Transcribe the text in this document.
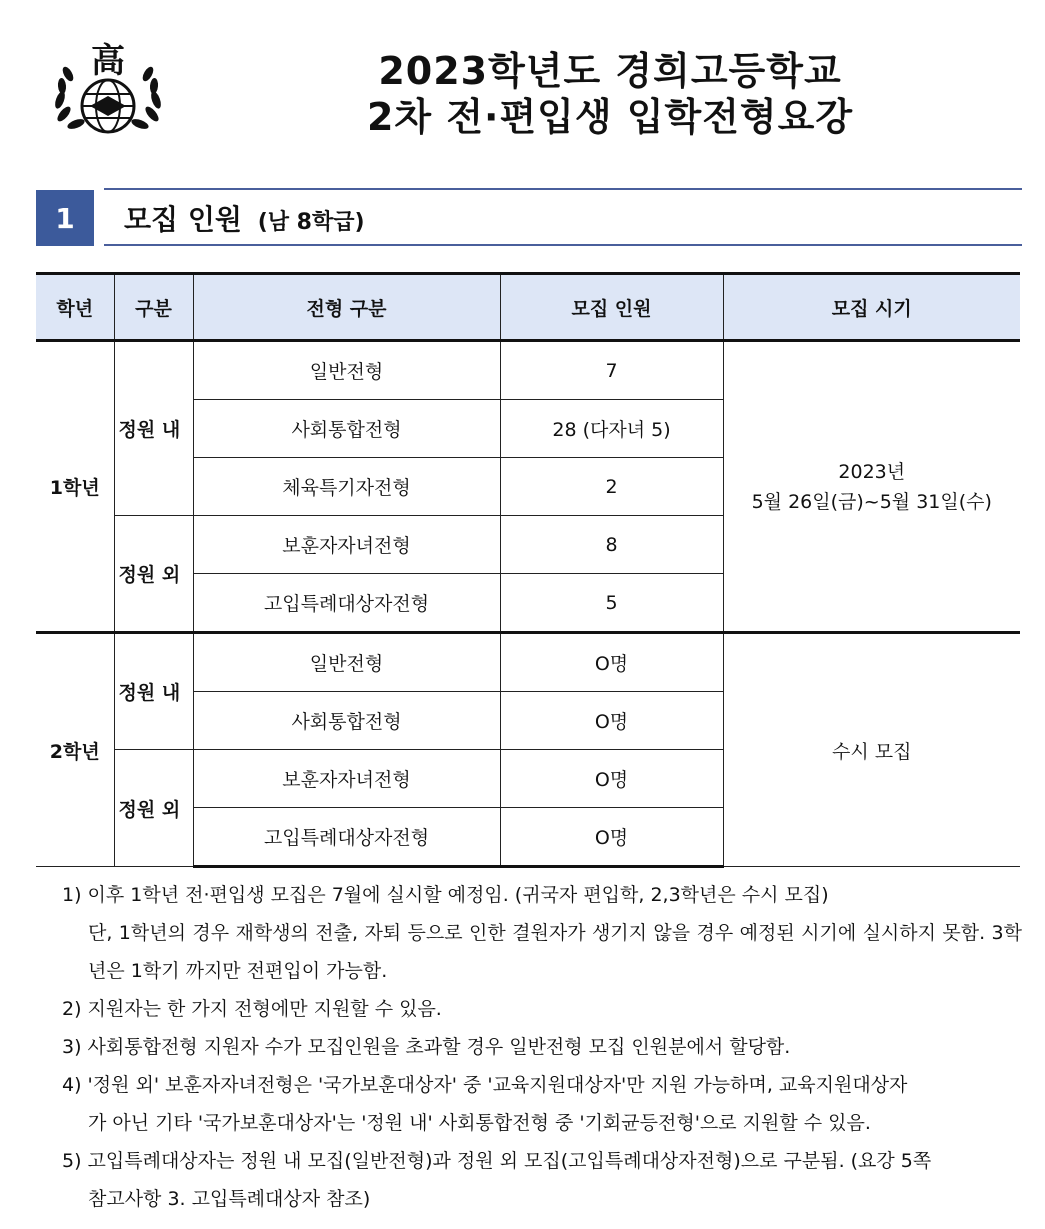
高	2023학년도 경희고등학교
2차 전·편입생 입학전형요강
1	모집 인원 (남 8학급)
학년	구분	전형 구분	모집 인원	모집 시기
1학년	정원 내	일반전형	7	2023년
5월 26일(금)~5월 31일(수)

		사회통합전형	28 (다자녀 5)	
		체육특기자전형	2	
	정원 외	보훈자자녀전형	8	
		고입특례대상자전형	5	
2학년	정원 내	일반전형	O명	수시 모집
		사회통합전형	O명	
	정원 외	보훈자자녀전형	O명	
		고입특례대상자전형	O명	
1) 이후 1학년 전·편입생 모집은 7월에 실시할 예정임. (귀국자 편입학, 2,3학년은 수시 모집)
단, 1학년의 경우 재학생의 전출, 자퇴 등으로 인한 결원자가 생기지 않을 경우 예정된 시기에 실시하지 못함. 3학년은 1학기 까지만 전편입이 가능함.
2) 지원자는 한 가지 전형에만 지원할 수 있음.
3) 사회통합전형 지원자 수가 모집인원을 초과할 경우 일반전형 모집 인원분에서 할당함.
4) '정원 외' 보훈자자녀전형은 '국가보훈대상자' 중 '교육지원대상자'만 지원 가능하며, 교육지원대상자
가 아닌 기타 '국가보훈대상자'는 '정원 내' 사회통합전형 중 '기회균등전형'으로 지원할 수 있음.
5) 고입특례대상자는 정원 내 모집(일반전형)과 정원 외 모집(고입특례대상자전형)으로 구분됨. (요강 5쪽
참고사항 3. 고입특례대상자 참조)
